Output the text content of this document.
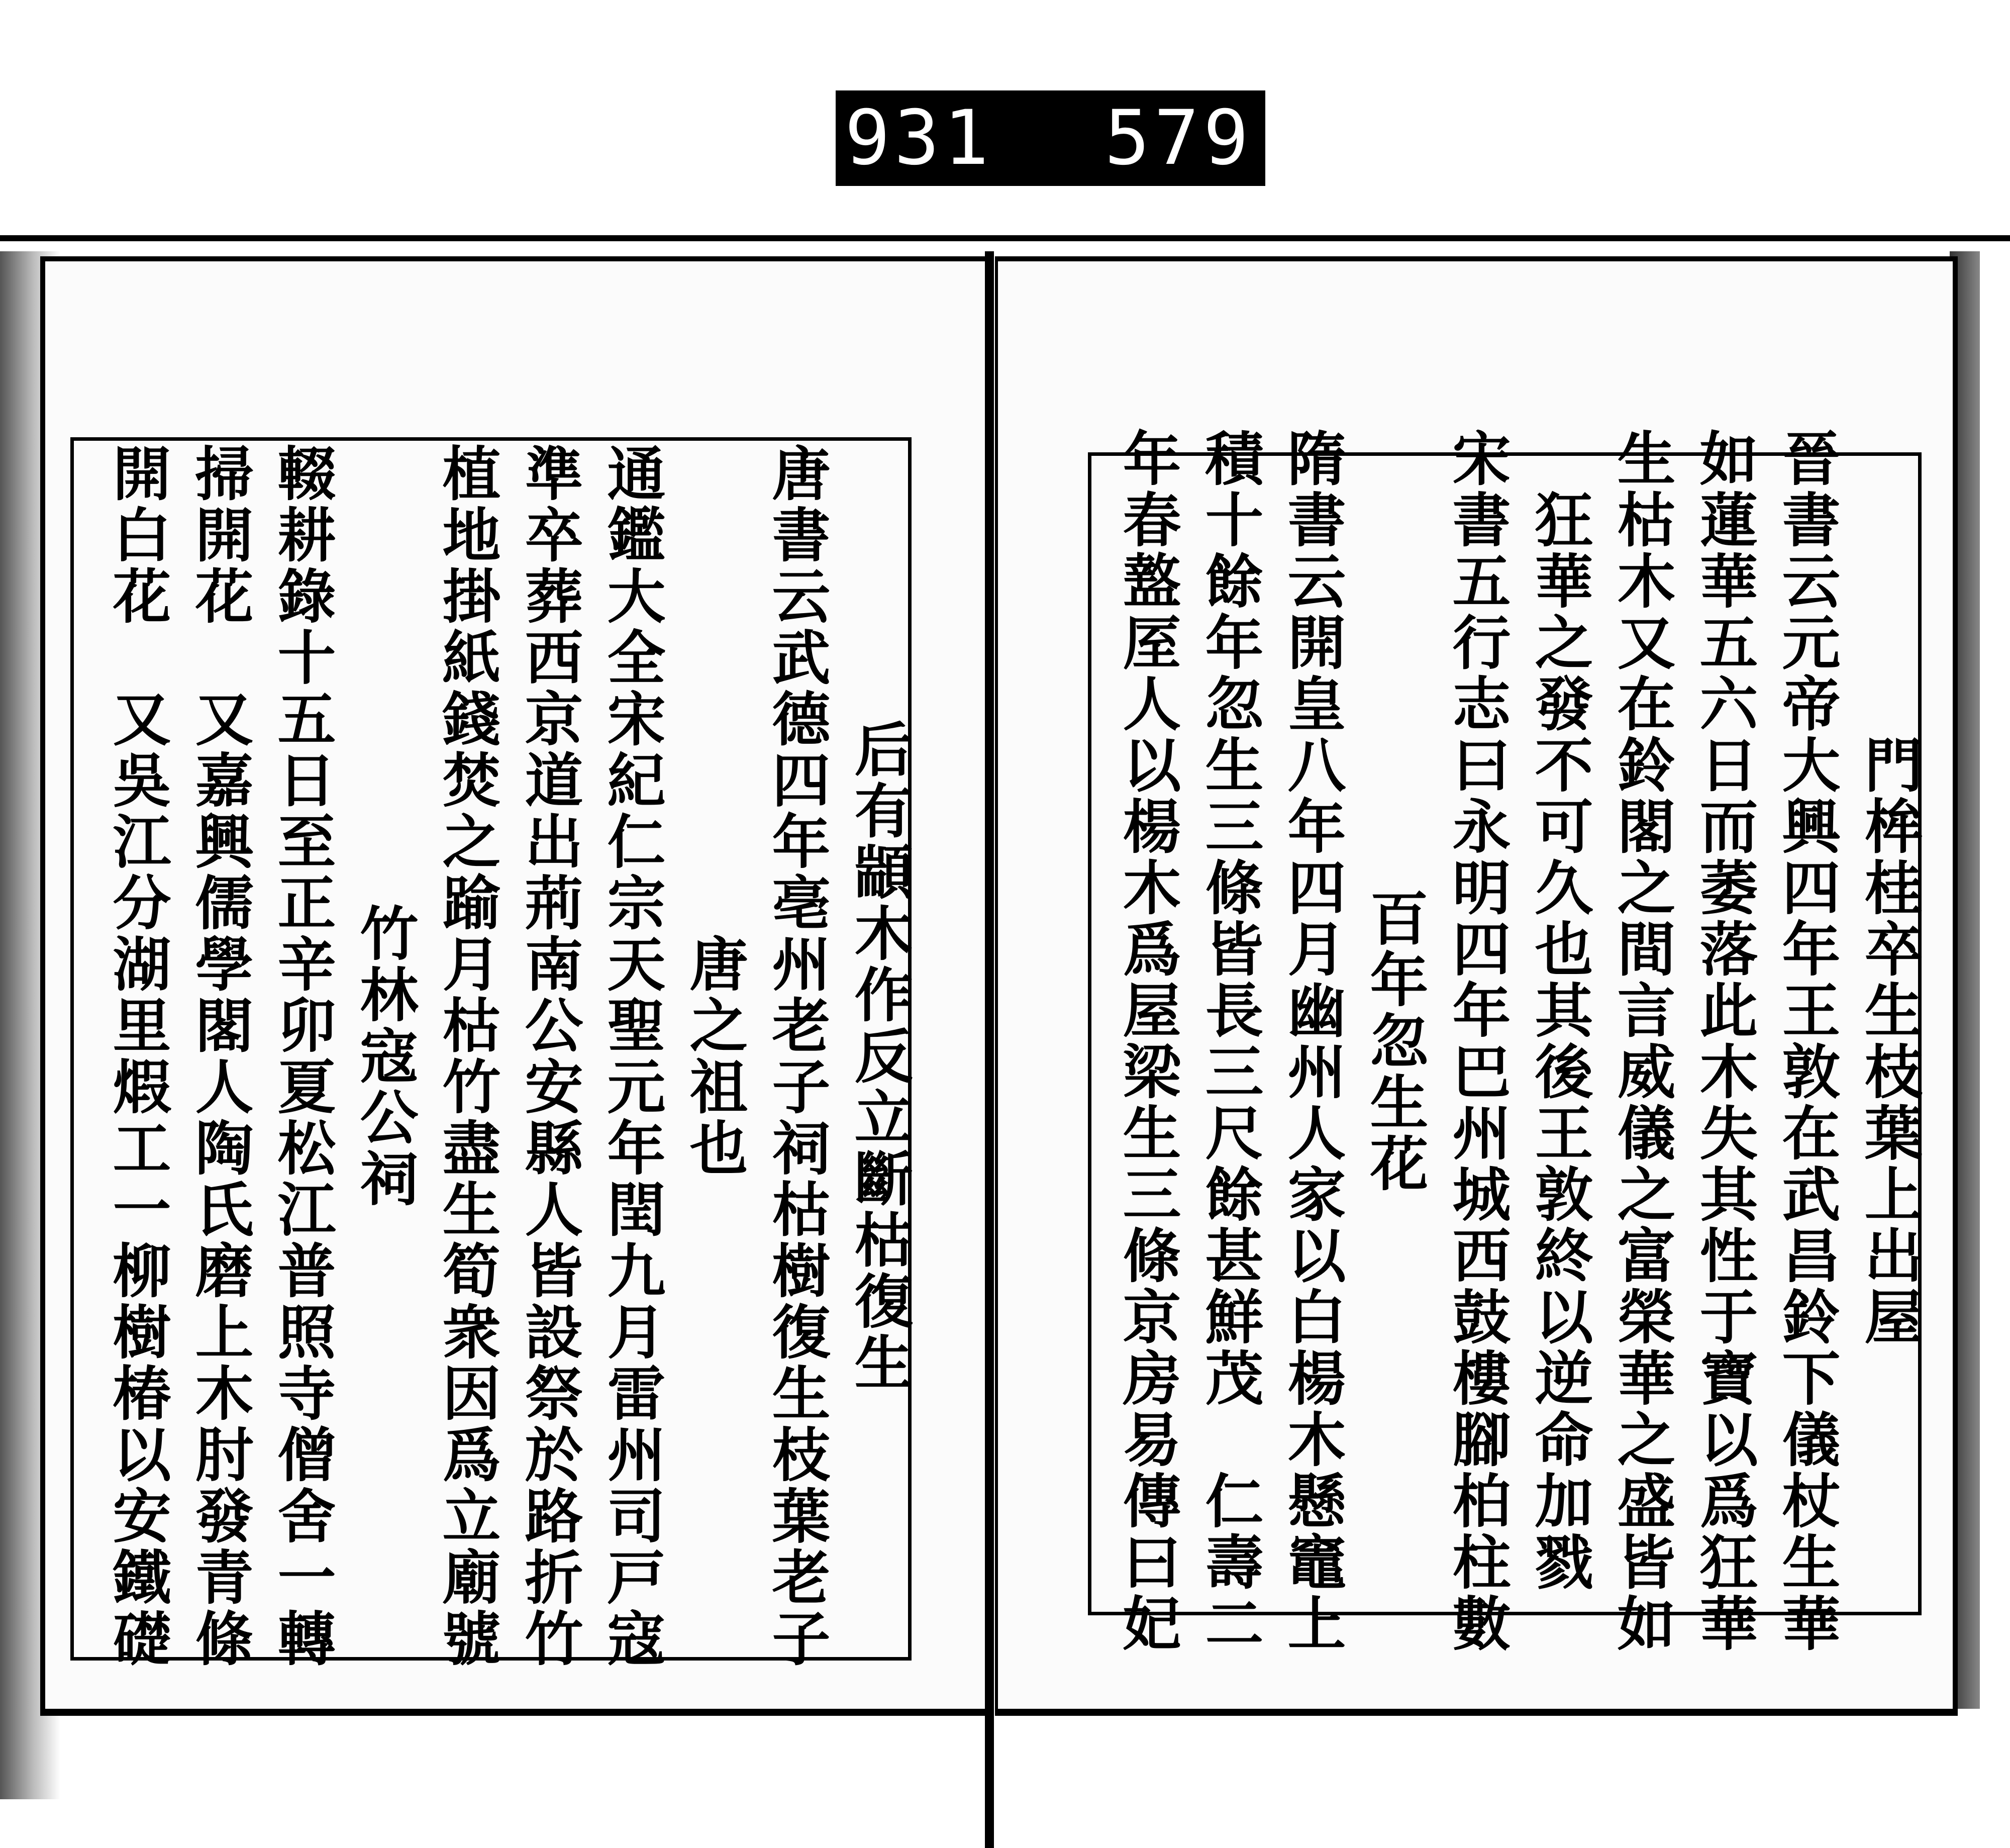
931 579.
門桙桂卒生枝葉上出屋
晉書云元帝大興四年王敦在武昌鈴下儀杖生華
如蓮華五六日而萎落此木失其性于寶以爲狂華
生枯木又在鈴閣之間言威儀之富榮華之盛皆如
狂華之發不可久也其後王敦終以逆命加戮
宋書五行志曰永明四年巴州城西鼓樓腳柏柱數
百年忽生花
隋書云開皇八年四月幽州人家以白楊木懸竈上
積十餘年忽生三條皆長三尺餘甚鮮茂　仁壽二
年春盩厔人以楊木爲屋梁生三條京房易傳曰妃
后有顓木作反立斷枯復生
唐書云武德四年亳州老子祠枯樹復生枝葉老子
唐之祖也
通鑑大全宋紀仁宗天聖元年閏九月雷州司戸寇
準卒葬西京道出荊南公安縣人皆設祭於路折竹
植地掛紙錢焚之踰月枯竹盡生筍衆因爲立廟號
竹林寇公祠
輟耕錄十五日至正辛卯夏松江普照寺僧舍一轉
掃開花　又嘉興儒學閣人陶氏磨上木肘發青條
開白花　又吳江分湖里煆工一柳樹椿以安鐵礎
